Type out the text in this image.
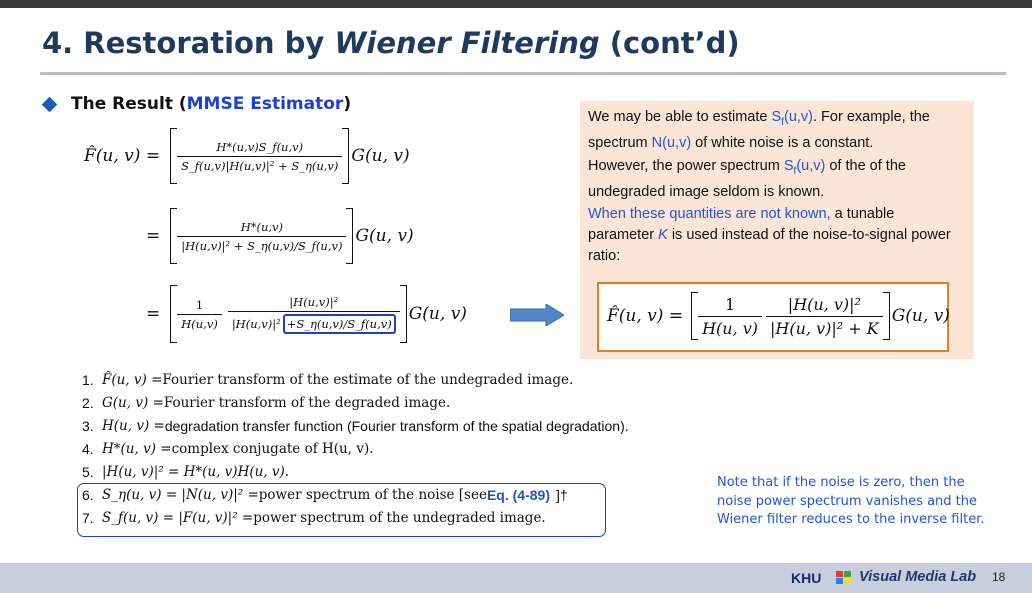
4. Restoration by Wiener Filtering (cont’d)
The Result (MMSE Estimator)
F̂(u, $v) = \frac{H*(u,v)S\_f(u,v)}{\text{S\_f(u,v)|H(u,v)|² + S\_η(u,v)}} G(u$, v)
= $\frac{H*(u,v)}{\text{|H(u,v)|² + S\_η(u,v)/S\_f(u,v)}} G(u$, v)
= $\frac{1}{H(u,v)} \frac{\text{|H(u,v)|²}}{\text{|H(u,v)|² +S\_η(u,v)/S\_f(u,v)}} G(u$, v)

We may be able to estimate $S_f(u,v)$. For example, the spectrum N(u,v) of white noise is a constant.

However, the power spectrum $S_f(u,v)$ of the of the undegraded image seldom is known.

When these quantities are not known, a tunable parameter K is used instead of the noise-to-signal power ratio:

F̂(u, $v) = \frac{1}{H(u, v)} \frac{\text{|H(u, v)|²}}{\text{|H(u, v)|² + K}} G(u$, v)
1. F̂(u, v) = Fourier transform of the estimate of the undegraded image.
2. G(u, v) = Fourier transform of the degraded image.
3. H(u, v) = degradation transfer function (Fourier transform of the spatial degradation).
4. H*(u, v) = complex conjugate of H(u, v).
5. |H(u, v)|² = H*(u, v)H(u, v).
6. S_η(u, v) = |N(u, v)|² = power spectrum of the noise [see Eq. (4-89) ]†
7. S_f(u, v) = |F(u, v)|² = power spectrum of the undegraded image.
Note that if the noise is zero, then the noise power spectrum vanishes and the Wiener filter reduces to the inverse filter.
KHU	Visual Media Lab 18
